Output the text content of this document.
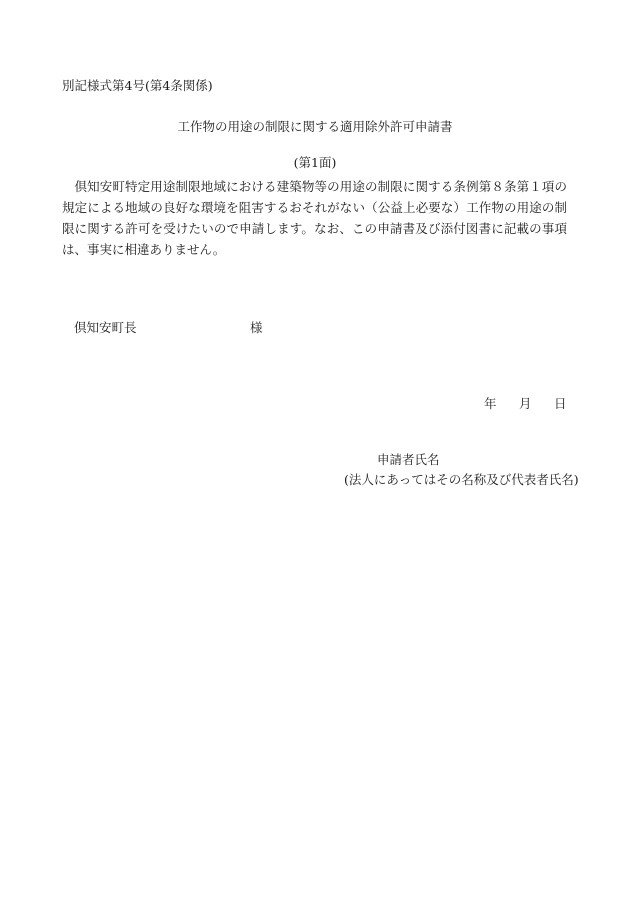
別記様式第4号(第4条関係)
工作物の用途の制限に関する適用除外許可申請書
(第1面)
倶知安町特定用途制限地域における建築物等の用途の制限に関する条例第８条第１項の規定による地域の良好な環境を阻害するおそれがない（公益上必要な）工作物の用途の制限に関する許可を受けたいので申請します。なお、この申請書及び添付図書に記載の事項は、事実に相違ありません。
倶知安町長	様
年 月 日
申請者氏名
(法人にあってはその名称及び代表者氏名)
